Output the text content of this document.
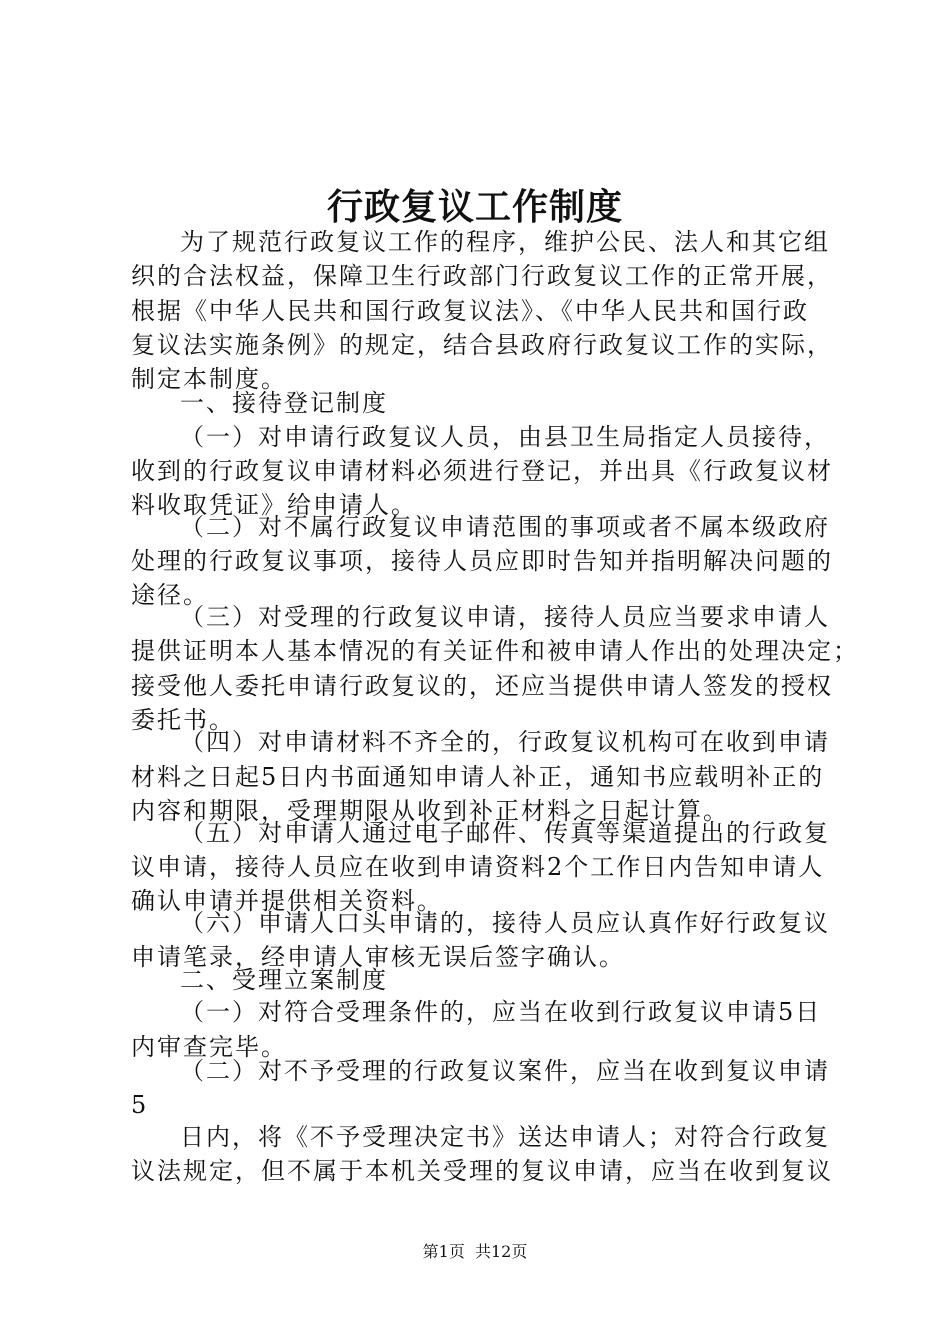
行政复议工作制度
为了规范行政复议工作的程序，维护公民、法人和其它组
织的合法权益，保障卫生行政部门行政复议工作的正常开展，
根据《中华人民共和国行政复议法》、《中华人民共和国行政
复议法实施条例》的规定，结合县政府行政复议工作的实际，
制定本制度。
一、接待登记制度
（一）对申请行政复议人员，由县卫生局指定人员接待，
收到的行政复议申请材料必须进行登记，并出具《行政复议材
料收取凭证》给申请人。
（二）对不属行政复议申请范围的事项或者不属本级政府
处理的行政复议事项，接待人员应即时告知并指明解决问题的
途径。
（三）对受理的行政复议申请，接待人员应当要求申请人
提供证明本人基本情况的有关证件和被申请人作出的处理决定；
接受他人委托申请行政复议的，还应当提供申请人签发的授权
委托书。
（四）对申请材料不齐全的，行政复议机构可在收到申请
材料之日起5日内书面通知申请人补正，通知书应载明补正的
内容和期限，受理期限从收到补正材料之日起计算。
（五）对申请人通过电子邮件、传真等渠道提出的行政复
议申请，接待人员应在收到申请资料2个工作日内告知申请人
确认申请并提供相关资料。
（六）申请人口头申请的，接待人员应认真作好行政复议
申请笔录，经申请人审核无误后签字确认。
二、受理立案制度
（一）对符合受理条件的，应当在收到行政复议申请5日
内审查完毕。
（二）对不予受理的行政复议案件，应当在收到复议申请
5
日内，将《不予受理决定书》送达申请人；对符合行政复
议法规定，但不属于本机关受理的复议申请，应当在收到复议
第1页  共12页
